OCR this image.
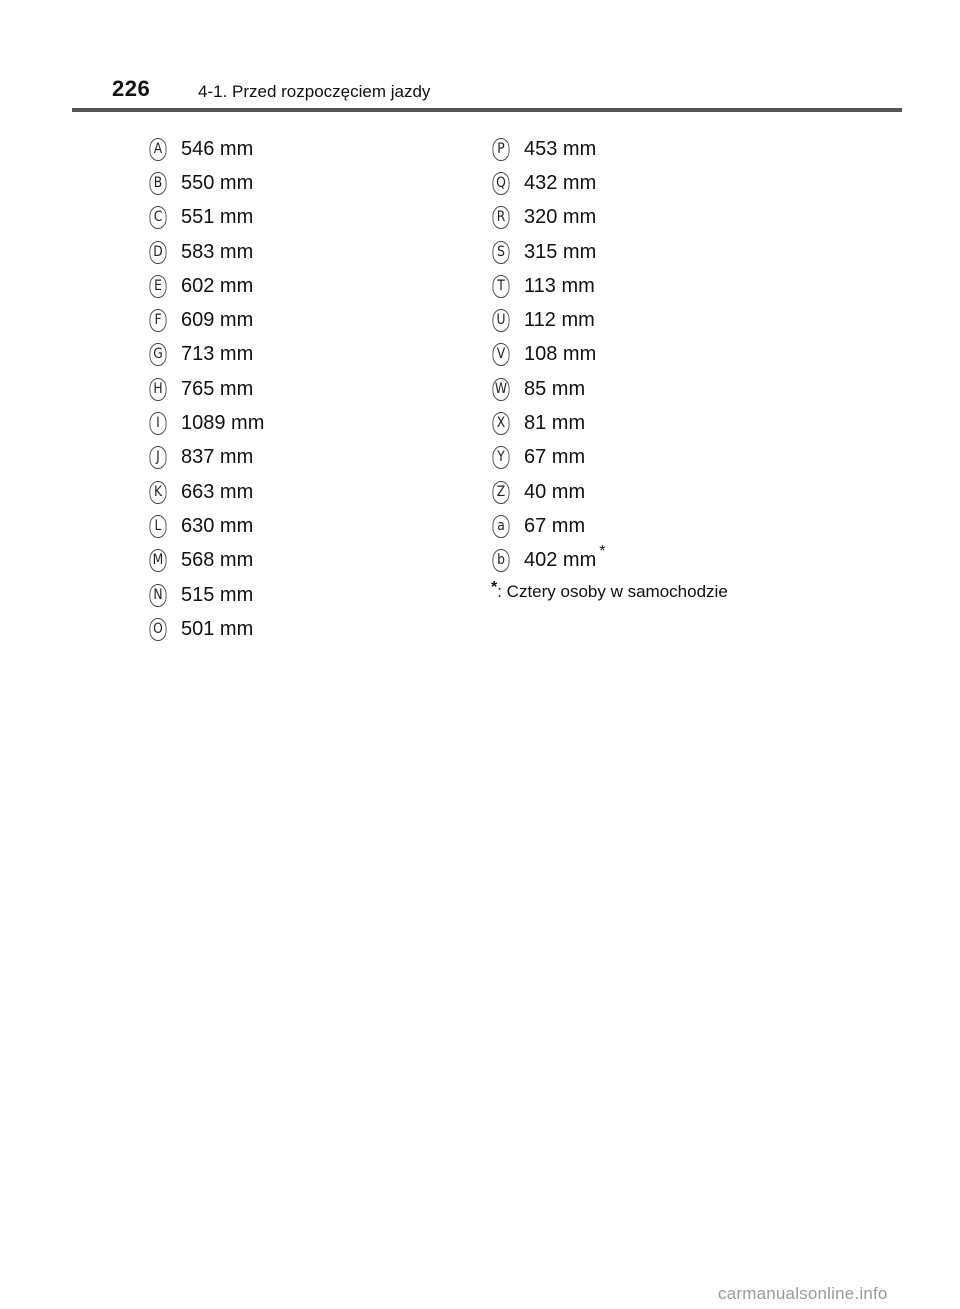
226	4-1. Przed rozpoczęciem jazdy
A 546 mm
B 550 mm
C 551 mm
D 583 mm
E 602 mm
F 609 mm
G 713 mm
H 765 mm
I	1089 mm
J	837 mm
K 663 mm
L 630 mm
M 568 mm
N 515 mm
O 501 mm
P 453 mm
Q 432 mm
R 320 mm
S 315 mm
T 113 mm
U 112 mm
V 108 mm
W 85 mm
X 81 mm
Y 67 mm
Z 40 mm
a 67 mm
b 402 mm *
*: Cztery osoby w samochodzie
carmanualsonline.info
